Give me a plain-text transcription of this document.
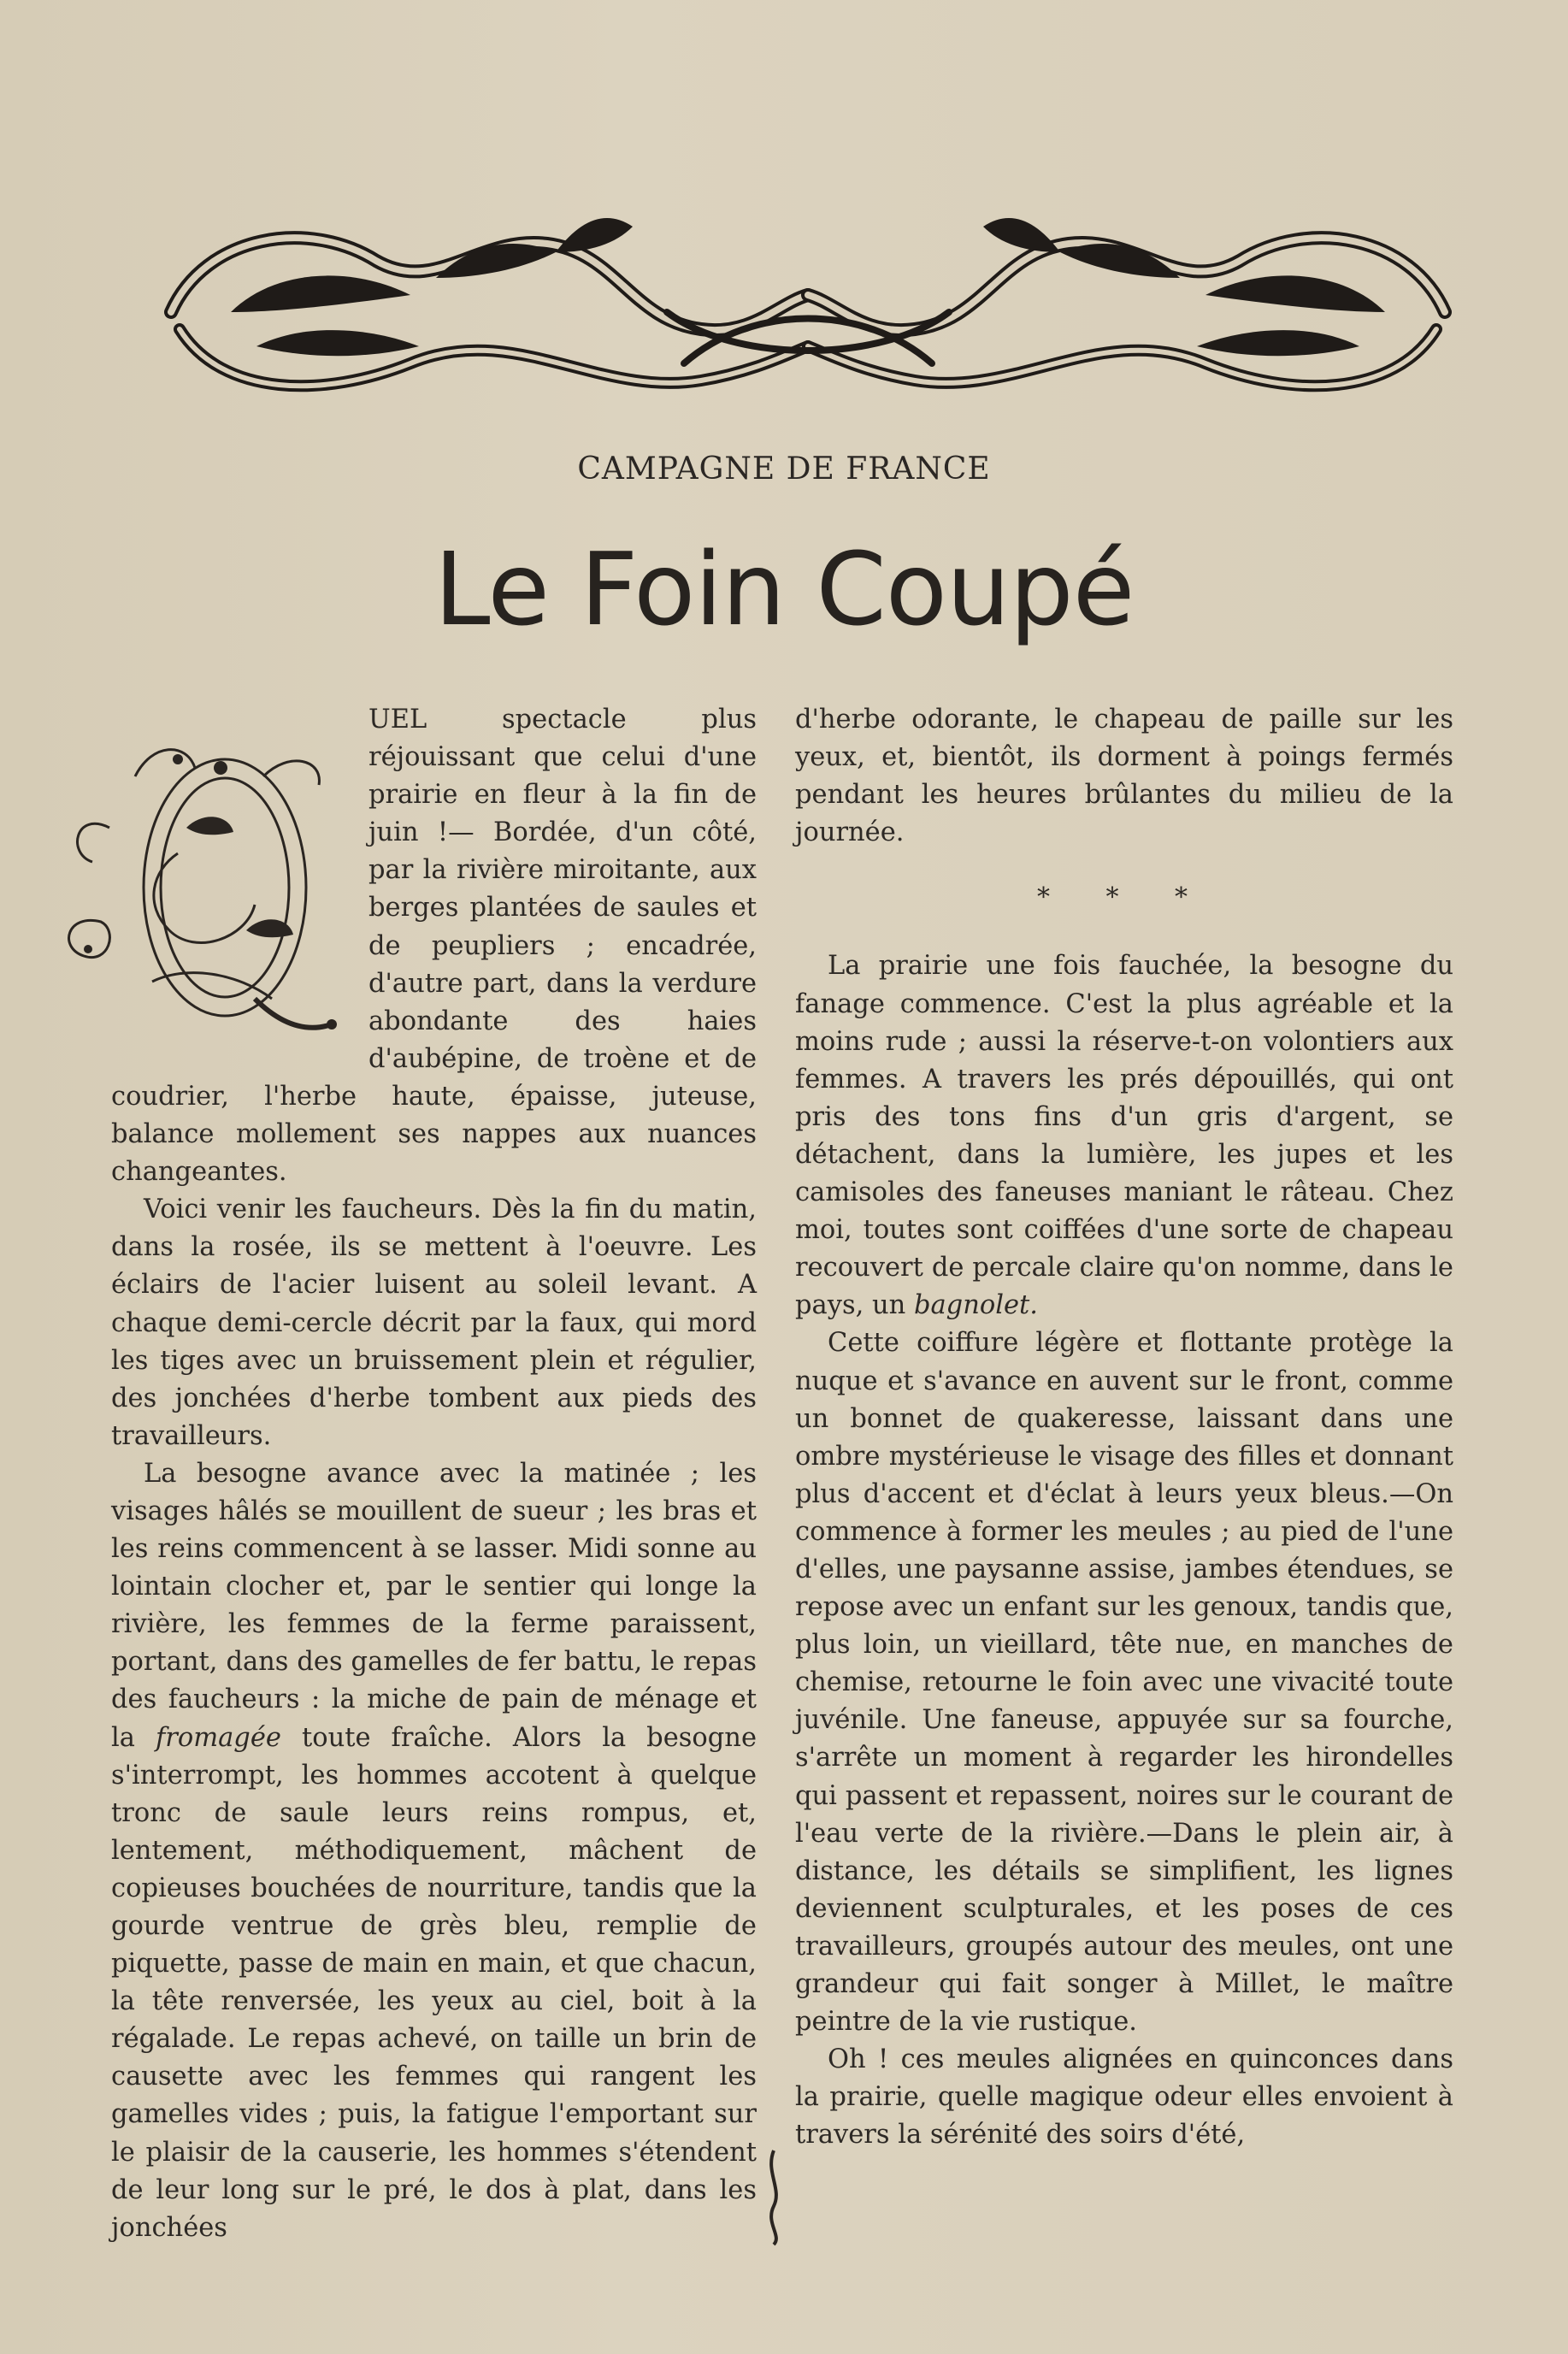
CAMPAGNE DE FRANCE
Le Foin Coupé

UEL spectacle plus réjouissant que celui d'une prairie en fleur à la fin de juin !— Bordée, d'un côté, par la rivière miroitante, aux berges plantées de saules et de peupliers ; encadrée, d'autre part, dans la verdure abondante des haies d'aubépine, de troène et de coudrier, l'herbe haute, épaisse, juteuse, balance mollement ses nappes aux nuances changeantes.

Voici venir les faucheurs. Dès la fin du matin, dans la rosée, ils se mettent à l'oeuvre. Les éclairs de l'acier luisent au soleil levant. A chaque demi-cercle décrit par la faux, qui mord les tiges avec un bruissement plein et régulier, des jonchées d'herbe tombent aux pieds des travailleurs.

La besogne avance avec la matinée ; les visages hâlés se mouillent de sueur ; les bras et les reins commencent à se lasser. Midi sonne au lointain clocher et, par le sentier qui longe la rivière, les femmes de la ferme paraissent, portant, dans des gamelles de fer battu, le repas des faucheurs : la miche de pain de ménage et la fromagée toute fraîche. Alors la besogne s'interrompt, les hommes accotent à quelque tronc de saule leurs reins rompus, et, lentement, méthodiquement, mâchent de copieuses bouchées de nourriture, tandis que la gourde ventrue de grès bleu, remplie de piquette, passe de main en main, et que chacun, la tête renversée, les yeux au ciel, boit à la régalade. Le repas achevé, on taille un brin de causette avec les femmes qui rangent les gamelles vides ; puis, la fatigue l'emportant sur le plaisir de la causerie, les hommes s'étendent de leur long sur le pré, le dos à plat, dans les jonchées

d'herbe odorante, le chapeau de paille sur les yeux, et, bientôt, ils dorment à poings fermés pendant les heures brûlantes du milieu de la journée.

* * *

La prairie une fois fauchée, la besogne du fanage commence. C'est la plus agréable et la moins rude ; aussi la réserve-t-on volontiers aux femmes. A travers les prés dépouillés, qui ont pris des tons fins d'un gris d'argent, se détachent, dans la lumière, les jupes et les camisoles des faneuses maniant le râteau. Chez moi, toutes sont coiffées d'une sorte de chapeau recouvert de percale claire qu'on nomme, dans le pays, un bagnolet.

Cette coiffure légère et flottante protège la nuque et s'avance en auvent sur le front, comme un bonnet de quakeresse, laissant dans une ombre mystérieuse le visage des filles et donnant plus d'accent et d'éclat à leurs yeux bleus.—On commence à former les meules ; au pied de l'une d'elles, une paysanne assise, jambes étendues, se repose avec un enfant sur les genoux, tandis que, plus loin, un vieillard, tête nue, en manches de chemise, retourne le foin avec une vivacité toute juvénile. Une faneuse, appuyée sur sa fourche, s'arrête un moment à regarder les hirondelles qui passent et repassent, noires sur le courant de l'eau verte de la rivière.—Dans le plein air, à distance, les détails se simplifient, les lignes deviennent sculpturales, et les poses de ces travailleurs, groupés autour des meules, ont une grandeur qui fait songer à Millet, le maître peintre de la vie rustique.

Oh ! ces meules alignées en quinconces dans la prairie, quelle magique odeur elles envoient à travers la sérénité des soirs d'été,
